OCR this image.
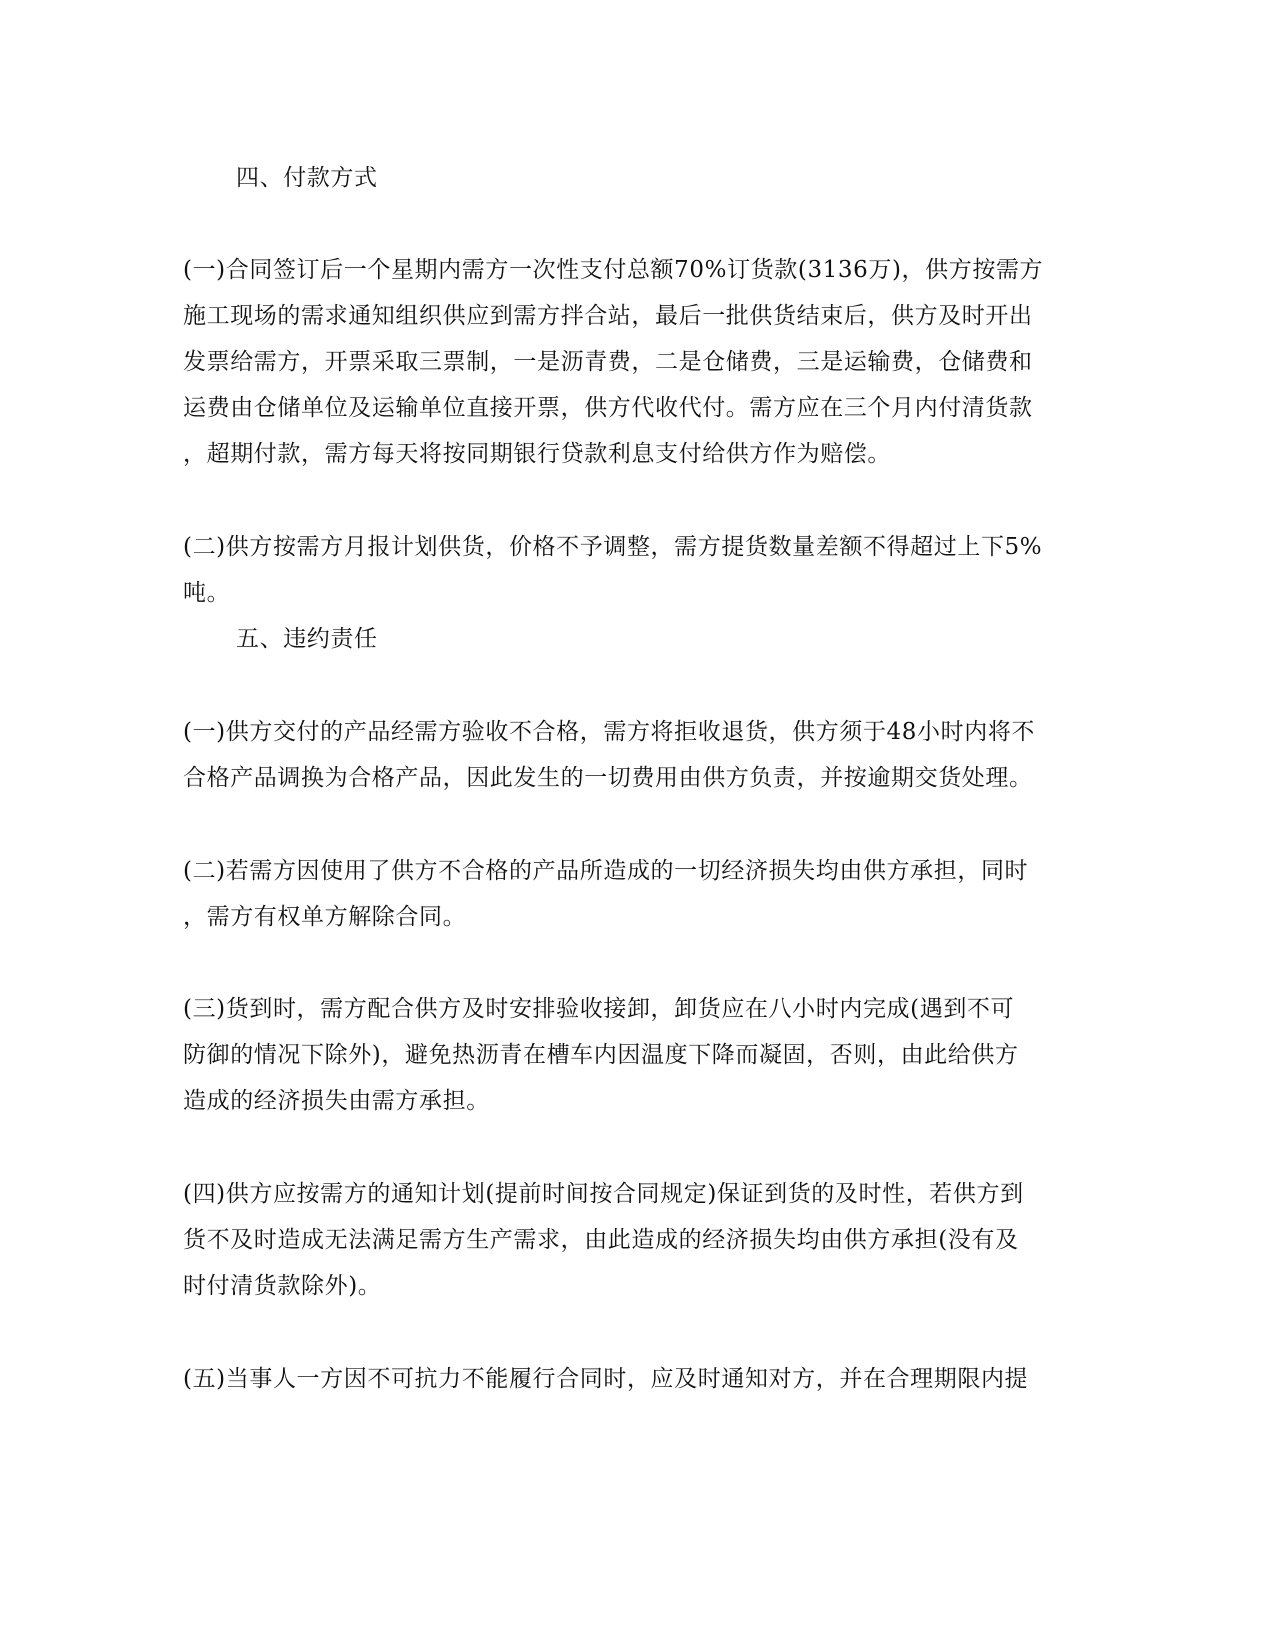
四、付款方式
(一)合同签订后一个星期内需方一次性支付总额70%订货款(3136万)，供方按需方
施工现场的需求通知组织供应到需方拌合站，最后一批供货结束后，供方及时开出
发票给需方，开票采取三票制，一是沥青费，二是仓储费，三是运输费，仓储费和
运费由仓储单位及运输单位直接开票，供方代收代付。需方应在三个月内付清货款
，超期付款，需方每天将按同期银行贷款利息支付给供方作为赔偿。
(二)供方按需方月报计划供货，价格不予调整，需方提货数量差额不得超过上下5%
吨。
五、违约责任
(一)供方交付的产品经需方验收不合格，需方将拒收退货，供方须于48小时内将不
合格产品调换为合格产品，因此发生的一切费用由供方负责，并按逾期交货处理。
(二)若需方因使用了供方不合格的产品所造成的一切经济损失均由供方承担，同时
，需方有权单方解除合同。
(三)货到时，需方配合供方及时安排验收接卸，卸货应在八小时内完成(遇到不可
防御的情况下除外)，避免热沥青在槽车内因温度下降而凝固，否则，由此给供方
造成的经济损失由需方承担。
(四)供方应按需方的通知计划(提前时间按合同规定)保证到货的及时性，若供方到
货不及时造成无法满足需方生产需求，由此造成的经济损失均由供方承担(没有及
时付清货款除外)。
(五)当事人一方因不可抗力不能履行合同时，应及时通知对方，并在合理期限内提
